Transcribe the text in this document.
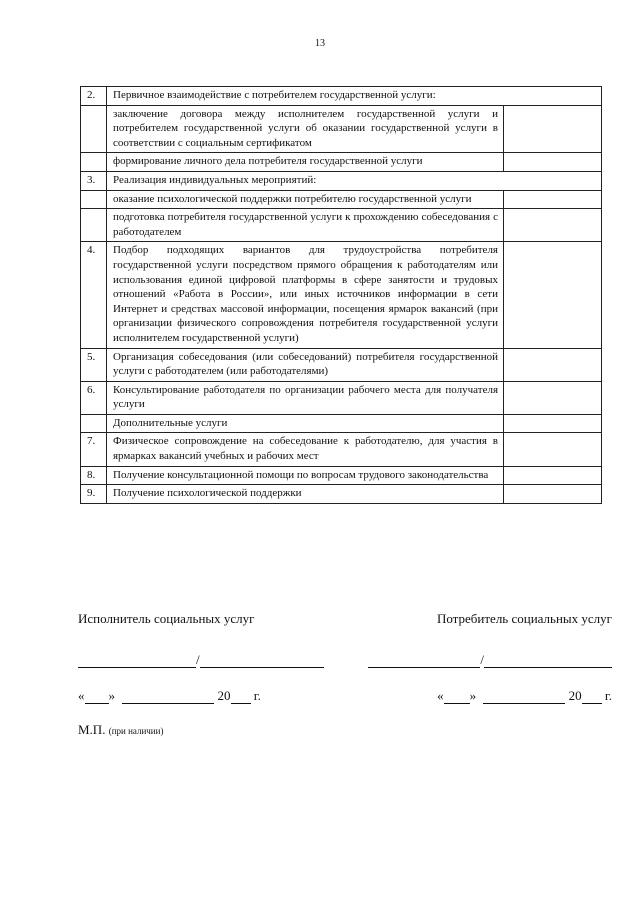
13
2.	Первичное взаимодействие с потребителем государственной услуги:	
	заключение договора между исполнителем государственной услуги и потребителем государственной услуги об оказании государственной услуги в соответствии с социальным сертификатом	
	формирование личного дела потребителя государственной услуги	
3.	Реализация индивидуальных мероприятий:	
	оказание психологической поддержки потребителю государственной услуги	
	подготовка потребителя государственной услуги к прохождению собеседования с работодателем	
4.	Подбор подходящих вариантов для трудоустройства потребителя государственной услуги посредством прямого обращения к работодателям или использования единой цифровой платформы в сфере занятости и трудовых отношений «Работа в России», или иных источников информации в сети Интернет и средствах массовой информации, посещения ярмарок вакансий (при организации физического сопровождения потребителя государственной услуги исполнителем государственной услуги)	
5.	Организация собеседования (или собеседований) потребителя государственной услуги с работодателем (или работодателями)	
6.	Консультирование работодателя по организации рабочего места для получателя услуги	
	Дополнительные услуги	
7.	Физическое сопровождение на собеседование к работодателю, для участия в ярмарках вакансий учебных и рабочих мест	
8.	Получение консультационной помощи по вопросам трудового законодательства	
9.	Получение психологической поддержки	
Исполнитель социальных услуг	Потребитель социальных услуг
/	/
« »	20 г.	« »	20 г.
М.П. (при наличии)
